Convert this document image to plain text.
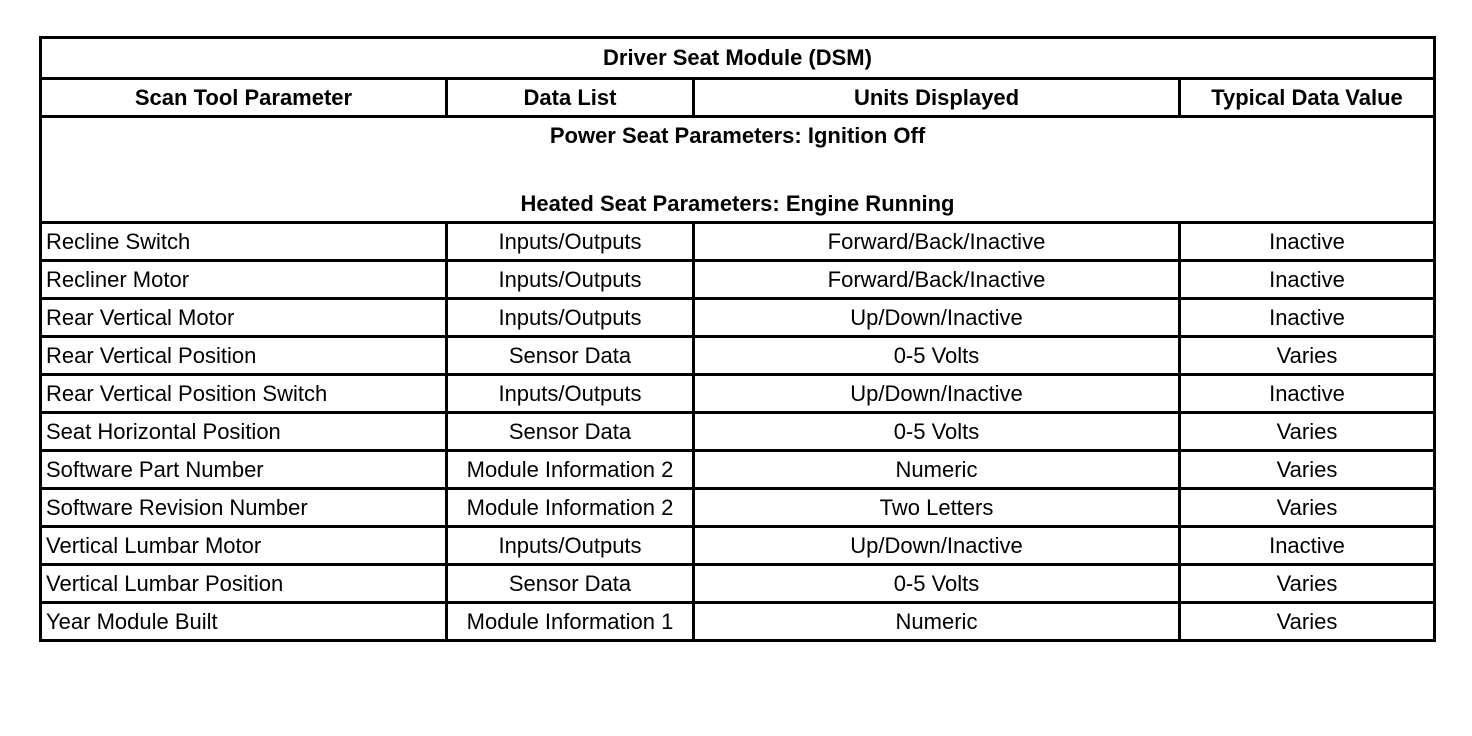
Driver Seat Module (DSM)			
Scan Tool Parameter	Data List	Units Displayed	Typical Data Value

Power Seat Parameters: Ignition Off
Heated Seat Parameters: Engine Running			

Recline Switch	Inputs/Outputs	Forward/Back/Inactive	Inactive
Recliner Motor	Inputs/Outputs	Forward/Back/Inactive	Inactive
Rear Vertical Motor	Inputs/Outputs	Up/Down/Inactive	Inactive
Rear Vertical Position	Sensor Data	0-5 Volts	Varies
Rear Vertical Position Switch	Inputs/Outputs	Up/Down/Inactive	Inactive
Seat Horizontal Position	Sensor Data	0-5 Volts	Varies
Software Part Number	Module Information 2	Numeric	Varies
Software Revision Number	Module Information 2	Two Letters	Varies
Vertical Lumbar Motor	Inputs/Outputs	Up/Down/Inactive	Inactive
Vertical Lumbar Position	Sensor Data	0-5 Volts	Varies
Year Module Built	Module Information 1	Numeric	Varies
